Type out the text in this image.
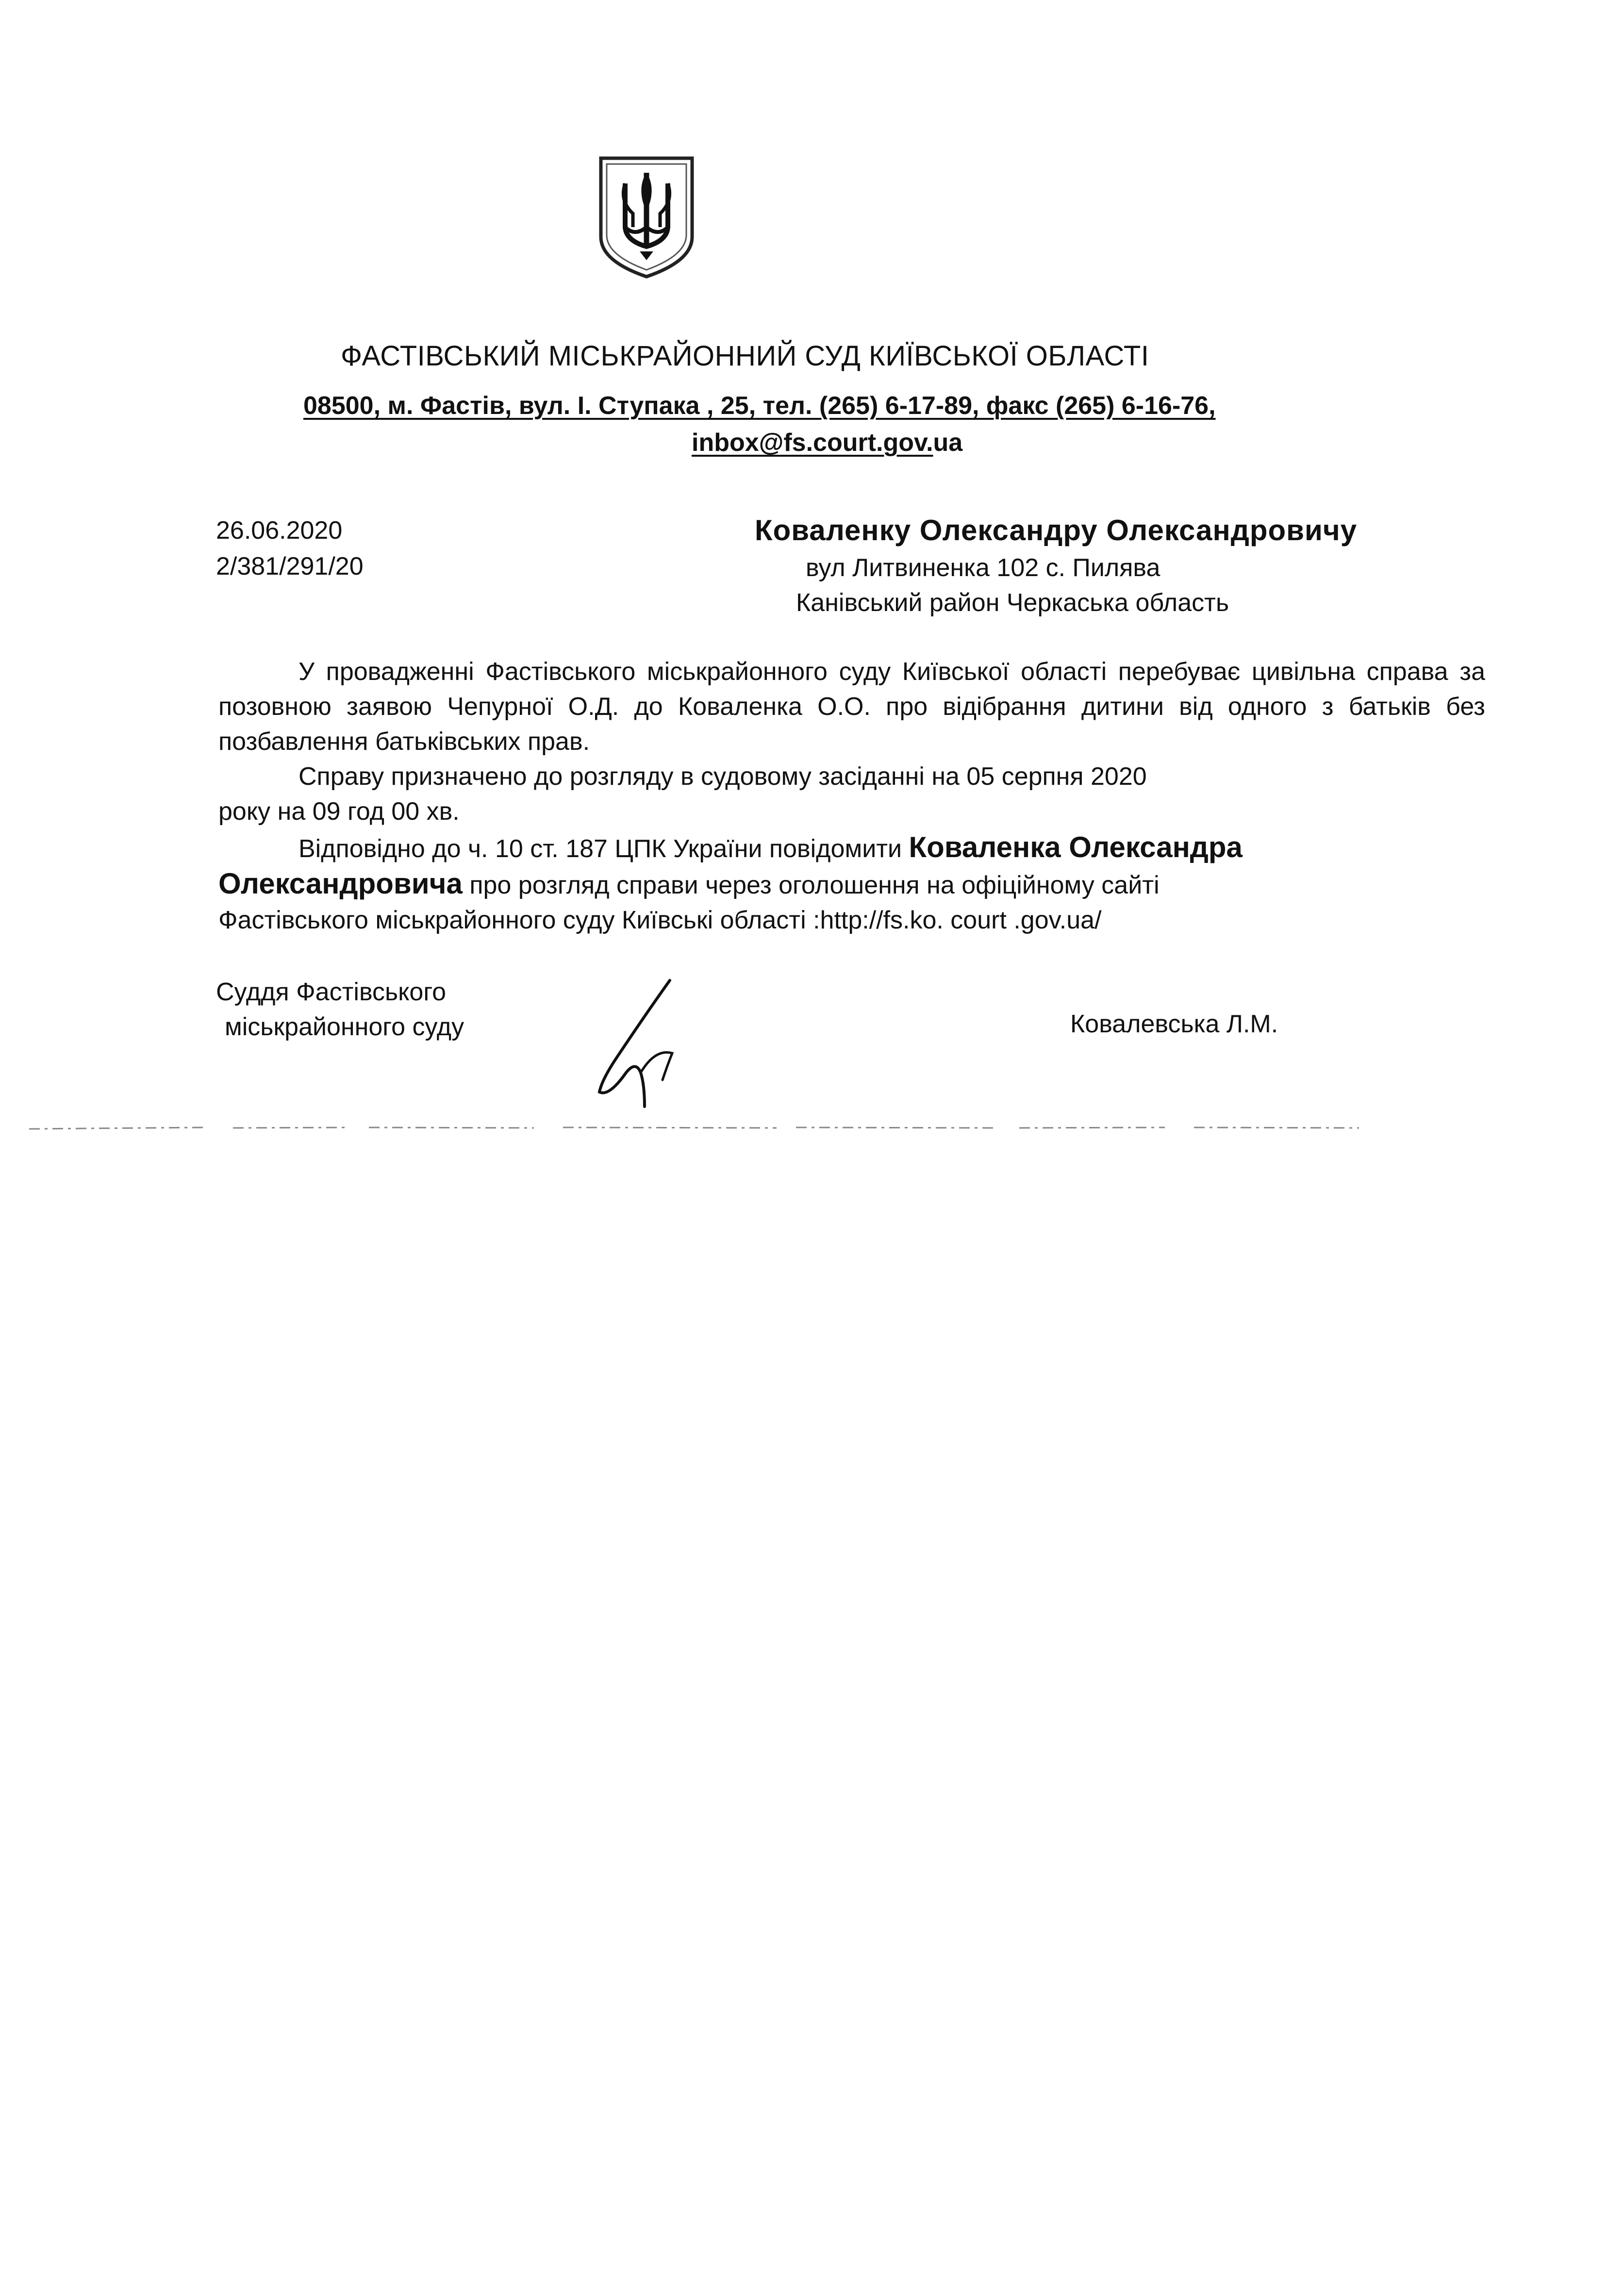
ФАСТІВСЬКИЙ МІСЬКРАЙОННИЙ СУД КИЇВСЬКОЇ ОБЛАСТІ
08500, м. Фастів, вул. І. Ступака , 25, тел. (265) 6-17-89, факс (265) 6-16-76,
inbox@fs.court.gov.ua
26.06.2020
2/381/291/20
Коваленку Олександру Олександровичу
вул Литвиненка 102 с. Пилява
Канівський район Черкаська область
У провадженні Фастівського міськрайонного суду Київської області перебуває цивільна справа за позовною заявою Чепурної О.Д. до Коваленка О.О. про відібрання дитини від одного з батьків без позбавлення батьківських прав.
Справу призначено до розгляду в судовому засіданні на 05 серпня 2020
року на 09 год 00 хв.
Відповідно до ч. 10 ст. 187 ЦПК України повідомити Коваленка Олександра
Олександровича про розгляд справи через оголошення на офіційному сайті
Фастівського міськрайонного суду Київські області :http://fs.ko. court .gov.ua/
Суддя Фастівського
міськрайонного суду	Ковалевська Л.М.
